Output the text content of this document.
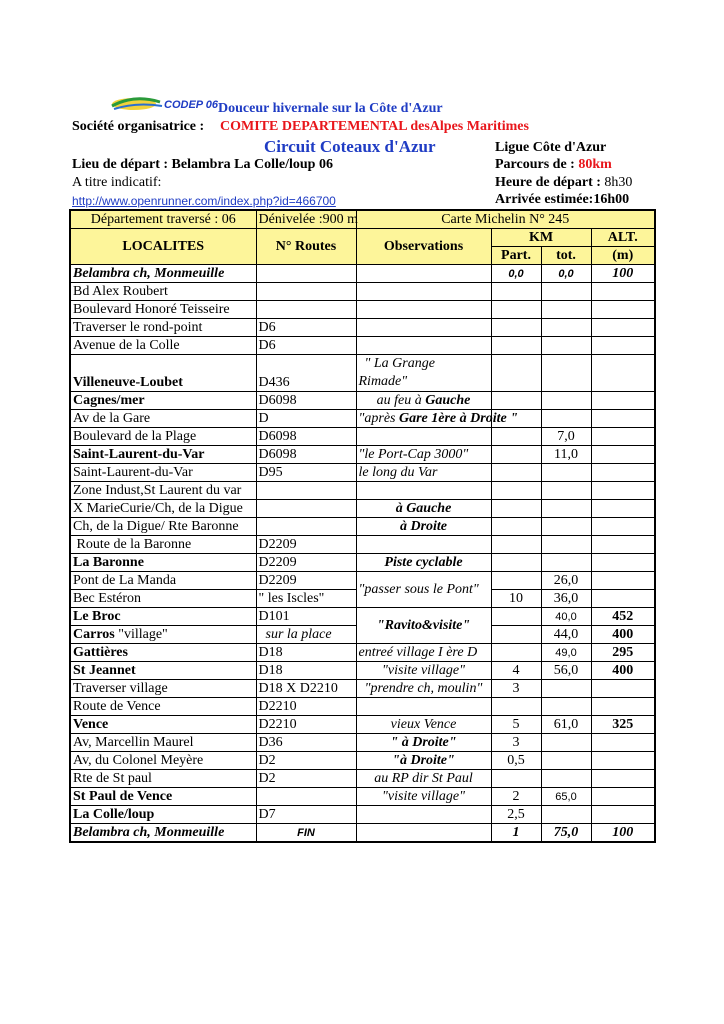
CODEP 06 Douceur hivernale sur la Côte d'Azur
Société organisatrice : COMITE DEPARTEMENTAL desAlpes Maritimes
Circuit Coteaux d'Azur	Ligue Côte d'Azur
Lieu de départ : Belambra La Colle/loup 06	Parcours de : 80km
A titre indicatif:	Heure de départ : 8h30
http://www.openrunner.com/index.php?id=466700	Arrivée estimée:16h00
Département traversé : 06	Dénivelée :900 m	Carte Michelin N° 245			
LOCALITES	N° Routes	Observations	KM		ALT.
			Part.	tot.	(m)
Belambra ch, Monmeuille			0,0	0,0	100
Bd Alex Roubert					
Boulevard Honoré Teisseire					
Traverser le rond-point	D6				
Avenue de la Colle	D6				
Villeneuve-Loubet	D436	" La Grange
Rimade"			

Cagnes/mer	D6098	au feu à Gauche			
Av de la Gare	D	"après Gare 1ère à Droite "			
Boulevard de la Plage	D6098			7,0	
Saint-Laurent-du-Var	D6098	"le Port-Cap 3000"		11,0	
Saint-Laurent-du-Var	D95	le long du Var			
Zone Indust,St Laurent du var					
X MarieCurie/Ch, de la Digue		à Gauche			
Ch, de la Digue/ Rte Baronne		à Droite			
Route de la Baronne	D2209				
La Baronne	D2209	Piste cyclable			
Pont de La Manda	D2209	"passer sous le Pont"		26,0	
Bec Estéron	" les Iscles"		10	36,0	
Le Broc	D101	"Ravito&visite"		40,0	452
Carros "village"	sur la place			44,0	400
Gattières	D18	entreé village I ère D		49,0	295
St Jeannet	D18	"visite village"	4	56,0	400
Traverser village	D18 X D2210	"prendre ch, moulin"	3		
Route de Vence	D2210				
Vence	D2210	vieux Vence	5	61,0	325
Av, Marcellin Maurel	D36	" à Droite"	3		
Av, du Colonel Meyère	D2	"à Droite"	0,5		
Rte de St paul	D2	au RP dir St Paul			
St Paul de Vence		"visite village"	2	65,0	
La Colle/loup	D7		2,5		
Belambra ch, Monmeuille	FIN		1	75,0	100
